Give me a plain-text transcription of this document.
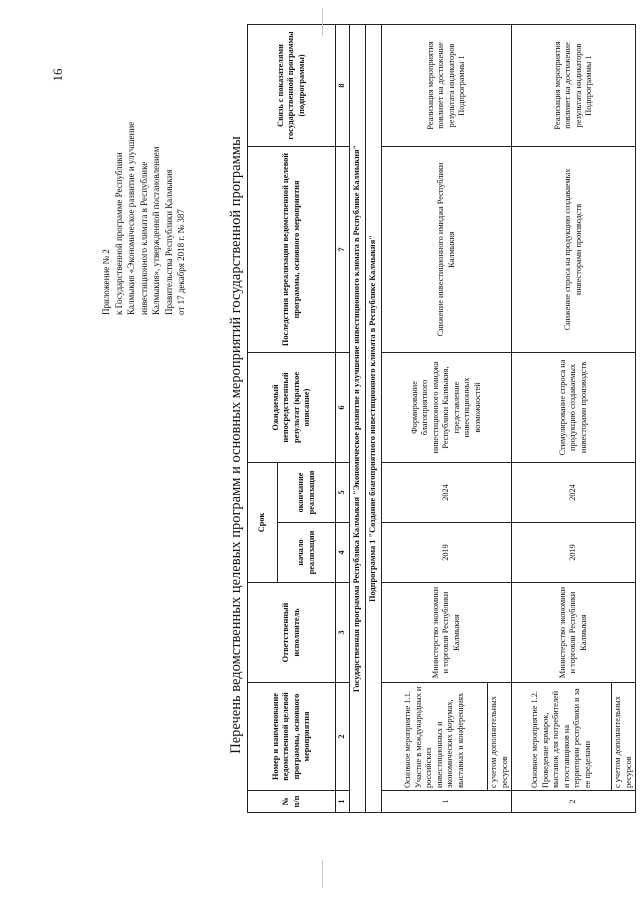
16
Приложение № 2 к Государственной программе Республики Калмыкия «Экономическое развитие и улучшение инвестиционного климата в Республике Калмыкия», утвержденной постановлением Правительства Республики Калмыкия от 17 декабря 2018 г. № 387	Перечень ведомственных целевых программ и основных мероприятий государственной программы
№ п/п	Номер и наименование ведомственной целевой программы, основного мероприятия	Ответственный исполнитель	Срок		Ожидаемый непосредственный результат (краткое описание)	Последствия нереализации ведомственной целевой программы, основного мероприятия	Связь с показателями государственной программы (подпрограммы)
			начало реализации	окончание реализации			
1	2	3	4	5	6	7	8
Государственная программа Республика Калмыкия "Экономическое развитие и улучшение инвестиционного климата в Республике Калмыкия"							
Подпрограмма 1 "Создание благоприятного инвестиционного климата в Республике Калмыкия"							
1	Основное мероприятие 1.1. Участие в международных и российских инвестиционных и экономических форумах, выставках и конференциях	Министерство экономики и торговли Республики Калмыкия	2019	2024	Формирование благоприятного инвестиционного имиджа Республики Калмыкия, представление инвестиционных возможностей	Снижение инвестиционного имиджа Республики Калмыкия	Реализация мероприятия повлияет на достижение результата индикаторов Подпрограммы 1
	с учетом дополнительных ресурсов						
2	Основное мероприятие 1.2. Проведение ярмарок, выставок для потребителей и поставщиков на территории республики и за ее пределами	Министерство экономики и торговли Республики Калмыкия	2019	2024	Стимулирование спроса на продукцию создаваемых инвесторами производств	Снижение спроса на продукцию создаваемых инвесторами производств	Реализация мероприятия повлияет на достижение результата индикаторов Подпрограммы 1
	с учетом дополнительных ресурсов						
